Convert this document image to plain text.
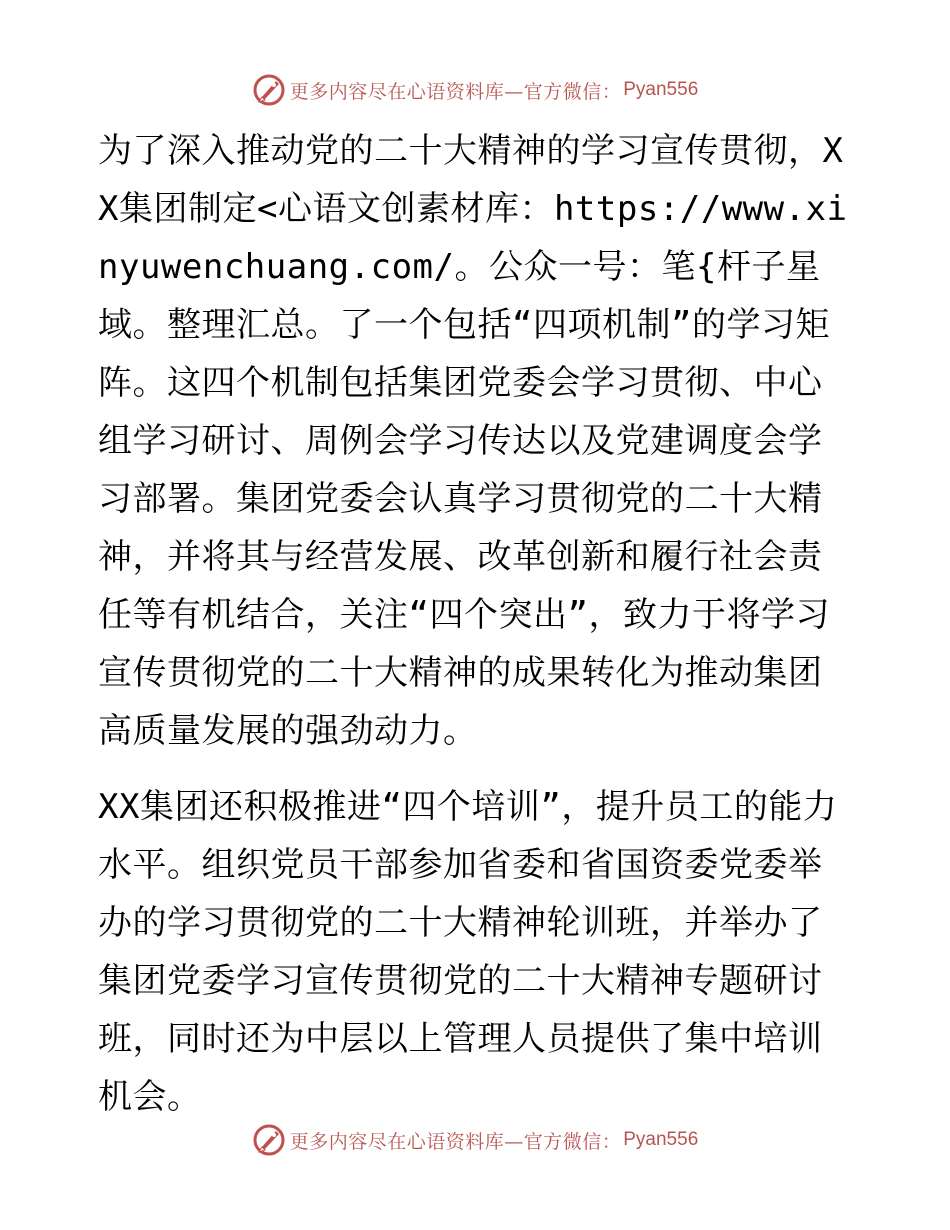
更多内容尽在心语资料库—官方微信： Pyan556

为了深入推动党的二十大精神的学习宣传贯彻，XX集团制定<心语文创素材库：https://www.xinyuwenchuang.com/。公众一号：笔{杆子星域。整理汇总。了一个包括“四项机制”的学习矩阵。这四个机制包括集团党委会学习贯彻、中心组学习研讨、周例会学习传达以及党建调度会学习部署。集团党委会认真学习贯彻党的二十大精神，并将其与经营发展、改革创新和履行社会责任等有机结合，关注“四个突出”，致力于将学习宣传贯彻党的二十大精神的成果转化为推动集团高质量发展的强劲动力。

XX集团还积极推进“四个培训”，提升员工的能力水平。组织党员干部参加省委和省国资委党委举办的学习贯彻党的二十大精神轮训班，并举办了集团党委学习宣传贯彻党的二十大精神专题研讨班，同时还为中层以上管理人员提供了集中培训机会。

更多内容尽在心语资料库—官方微信： Pyan556
